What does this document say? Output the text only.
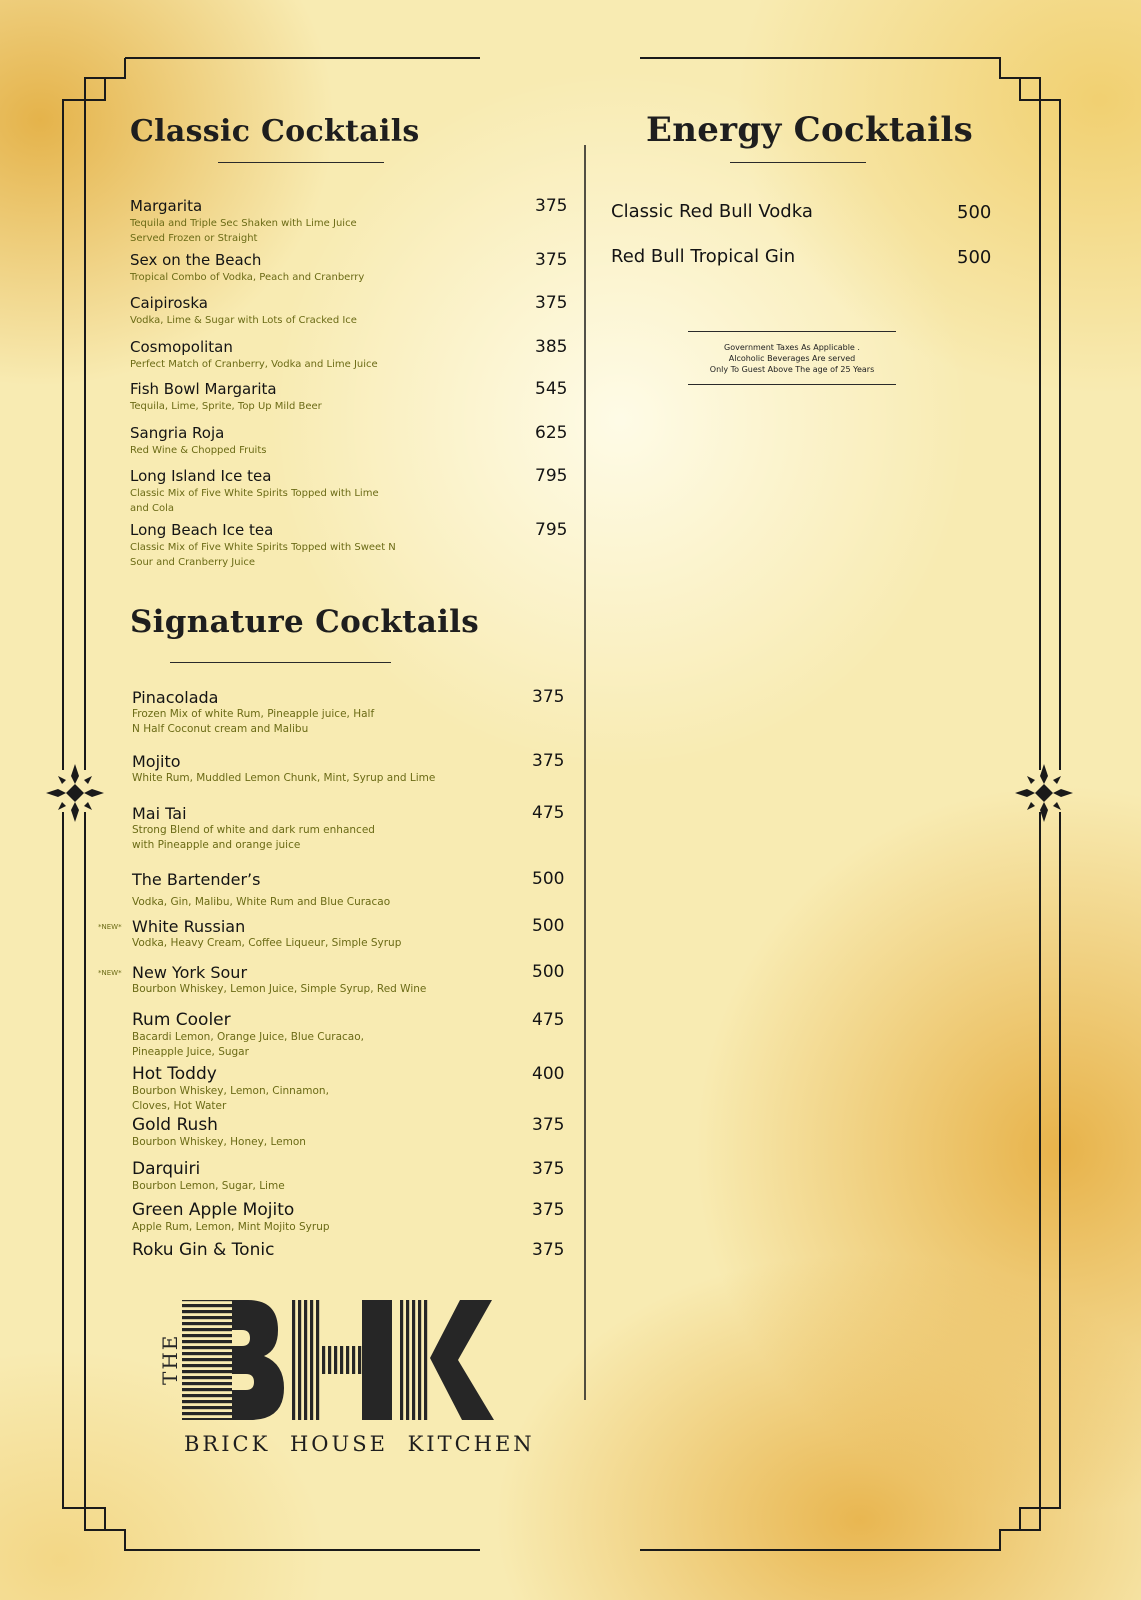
Classic Cocktails
Margarita
Tequila and Triple Sec Shaken with Lime Juice
Served Frozen or Straight
375
Sex on the Beach
Tropical Combo of Vodka, Peach and Cranberry
375
Caipiroska
Vodka, Lime & Sugar with Lots of Cracked Ice
375
Cosmopolitan
Perfect Match of Cranberry, Vodka and Lime Juice
385
Fish Bowl Margarita
Tequila, Lime, Sprite, Top Up Mild Beer
545
Sangria Roja
Red Wine & Chopped Fruits
625
Long Island Ice tea
Classic Mix of Five White Spirits Topped with Lime
and Cola
795
Long Beach Ice tea
Classic Mix of Five White Spirits Topped with Sweet N
Sour and Cranberry Juice
795
Signature Cocktails
Pinacolada
Frozen Mix of white Rum, Pineapple juice, Half
N Half Coconut cream and Malibu
375
Mojito
White Rum, Muddled Lemon Chunk, Mint, Syrup and Lime
375
Mai Tai
Strong Blend of white and dark rum enhanced
with Pineapple and orange juice
475
The Bartender’s
Vodka, Gin, Malibu, White Rum and Blue Curacao
500
White Russian
Vodka, Heavy Cream, Coffee Liqueur, Simple Syrup
500
*NEW*
New York Sour
Bourbon Whiskey, Lemon Juice, Simple Syrup, Red Wine
500
*NEW*
Rum Cooler
Bacardi Lemon, Orange Juice, Blue Curacao,
Pineapple Juice, Sugar
475
Hot Toddy
Bourbon Whiskey, Lemon, Cinnamon,
Cloves, Hot Water
400
Gold Rush
Bourbon Whiskey, Honey, Lemon
375
Darquiri
Bourbon Lemon, Sugar, Lime
375
Green Apple Mojito
Apple Rum, Lemon, Mint Mojito Syrup
375
Roku Gin & Tonic	375
Energy Cocktails
Classic Red Bull Vodka	500
Red Bull Tropical Gin	500
Government Taxes As Applicable .
Alcoholic Beverages Are served
Only To Guest Above The age of 25 Years
THE
BRICK HOUSE KITCHEN
